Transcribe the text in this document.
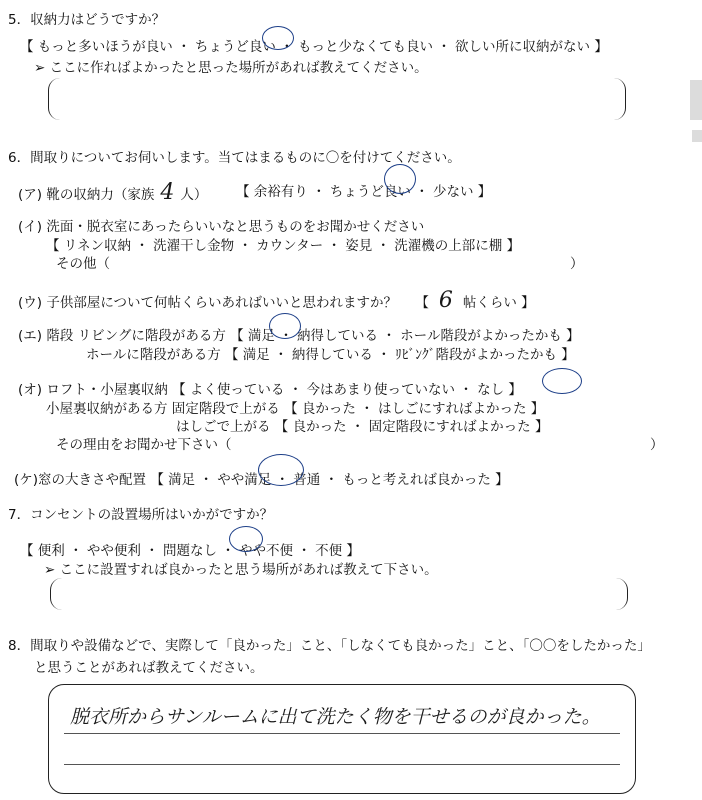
5．収納力はどうですか？
【 もっと多いほうが良い ・ ちょうど良い ・ もっと少なくても良い ・ 欲しい所に収納がない 】
➢ ここに作ればよかったと思った場所があれば教えてください。
6．間取りについてお伺いします。当てはまるものに〇を付けてください。
(ア) 靴の収納力（家族 4 人） 【 余裕有り ・ ちょうど良い ・ 少ない 】
(イ) 洗面・脱衣室にあったらいいなと思うものをお聞かせください
【 リネン収納 ・ 洗濯干し金物 ・ カウンター ・ 姿見 ・ 洗濯機の上部に棚 】
その他（	）
(ウ) 子供部屋について何帖くらいあればいいと思われますか？ 【 6 帖くらい 】
(エ) 階段 リビングに階段がある方 【 満足 ・ 納得している ・ ホール階段がよかったかも 】
ホールに階段がある方 【 満足 ・ 納得している ・ ﾘﾋﾞﾝｸﾞ階段がよかったかも 】
(オ) ロフト・小屋裏収納 【 よく使っている ・ 今はあまり使っていない ・ なし 】
小屋裏収納がある方 固定階段で上がる 【 良かった ・ はしごにすればよかった 】
はしごで上がる 【 良かった ・ 固定階段にすればよかった 】
その理由をお聞かせ下さい（	）
(ケ)窓の大きさや配置 【 満足 ・ やや満足 ・ 普通 ・ もっと考えれば良かった 】
7．コンセントの設置場所はいかがですか？
【 便利 ・ やや便利 ・ 問題なし ・ やや不便 ・ 不便 】
➢ ここに設置すれば良かったと思う場所があれば教えて下さい。
8．間取りや設備などで、実際して「良かった」こと、「しなくても良かった」こと、「〇〇をしたかった」
と思うことがあれば教えてください。
脱衣所からサンルームに出て洗たく物を干せるのが良かった。
